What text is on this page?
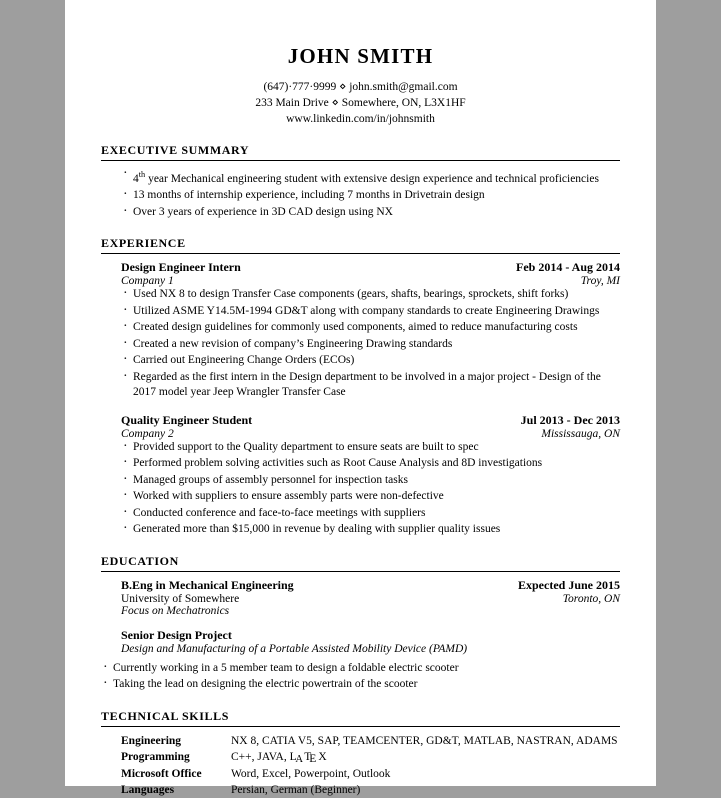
JOHN SMITH
(647)·777·9999 ⋄ john.smith@gmail.com
233 Main Drive ⋄ Somewhere, ON, L3X1HF
www.linkedin.com/in/johnsmith
EXECUTIVE SUMMARY
· 4th year Mechanical engineering student with extensive design experience and technical proficiencies
· 13 months of internship experience, including 7 months in Drivetrain design
· Over 3 years of experience in 3D CAD design using NX
EXPERIENCE
Design Engineer Intern	Feb 2014 - Aug 2014
Company 1	Troy, MI
· Used NX 8 to design Transfer Case components (gears, shafts, bearings, sprockets, shift forks)
· Utilized ASME Y14.5M-1994 GD&T along with company standards to create Engineering Drawings
· Created design guidelines for commonly used components, aimed to reduce manufacturing costs
· Created a new revision of company’s Engineering Drawing standards
· Carried out Engineering Change Orders (ECOs)
· Regarded as the first intern in the Design department to be involved in a major project - Design of the 2017 model year Jeep Wrangler Transfer Case
Quality Engineer Student	Jul 2013 - Dec 2013
Company 2	Mississauga, ON
· Provided support to the Quality department to ensure seats are built to spec
· Performed problem solving activities such as Root Cause Analysis and 8D investigations
· Managed groups of assembly personnel for inspection tasks
· Worked with suppliers to ensure assembly parts were non-defective
· Conducted conference and face-to-face meetings with suppliers
· Generated more than $15,000 in revenue by dealing with supplier quality issues
EDUCATION
B.Eng in Mechanical Engineering	Expected June 2015
University of Somewhere	Toronto, ON
Focus on Mechatronics
Senior Design Project
Design and Manufacturing of a Portable Assisted Mobility Device (PAMD)
· Currently working in a 5 member team to design a foldable electric scooter
· Taking the lead on designing the electric powertrain of the scooter
TECHNICAL SKILLS
Engineering	NX 8, CATIA V5, SAP, TEAMCENTER, GD&T, MATLAB, NASTRAN, ADAMS
Programming	C++, JAVA, LATE X
Microsoft Office	Word, Excel, Powerpoint, Outlook
Languages	Persian, German (Beginner)
